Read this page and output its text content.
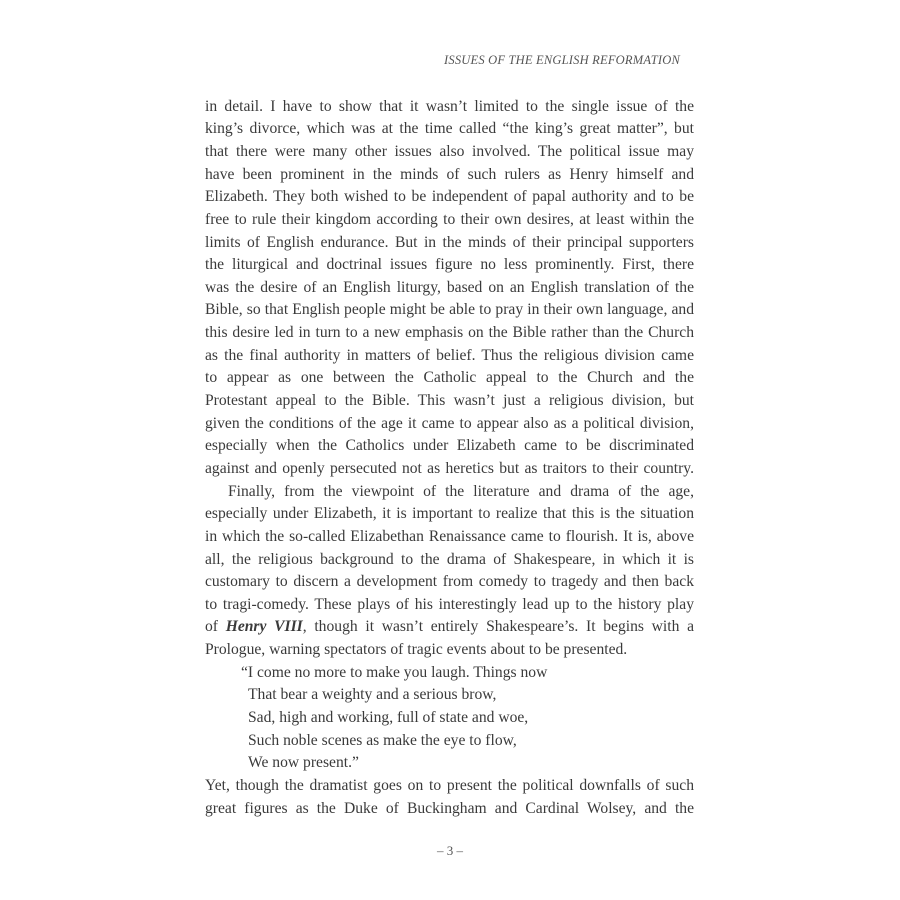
ISSUES OF THE ENGLISH REFORMATION
in detail. I have to show that it wasn’t limited to the single issue of the
king’s divorce, which was at the time called “the king’s great matter”, but
that there were many other issues also involved. The political issue may
have been prominent in the minds of such rulers as Henry himself and
Elizabeth. They both wished to be independent of papal authority and to be
free to rule their kingdom according to their own desires, at least within the
limits of English endurance. But in the minds of their principal supporters
the liturgical and doctrinal issues figure no less prominently. First, there
was the desire of an English liturgy, based on an English translation of the
Bible, so that English people might be able to pray in their own language, and
this desire led in turn to a new emphasis on the Bible rather than the Church
as the final authority in matters of belief. Thus the religious division came
to appear as one between the Catholic appeal to the Church and the
Protestant appeal to the Bible. This wasn’t just a religious division, but
given the conditions of the age it came to appear also as a political division,
especially when the Catholics under Elizabeth came to be discriminated
against and openly persecuted not as heretics but as traitors to their country.
Finally, from the viewpoint of the literature and drama of the age,
especially under Elizabeth, it is important to realize that this is the situation
in which the so-called Elizabethan Renaissance came to flourish. It is, above
all, the religious background to the drama of Shakespeare, in which it is
customary to discern a development from comedy to tragedy and then back
to tragi-comedy. These plays of his interestingly lead up to the history play
of Henry VIII, though it wasn’t entirely Shakespeare’s. It begins with a
Prologue, warning spectators of tragic events about to be presented.
“I come no more to make you laugh. Things now
That bear a weighty and a serious brow,
Sad, high and working, full of state and woe,
Such noble scenes as make the eye to flow,
We now present.”
Yet, though the dramatist goes on to present the political downfalls of such
great figures as the Duke of Buckingham and Cardinal Wolsey, and the
– 3 –
